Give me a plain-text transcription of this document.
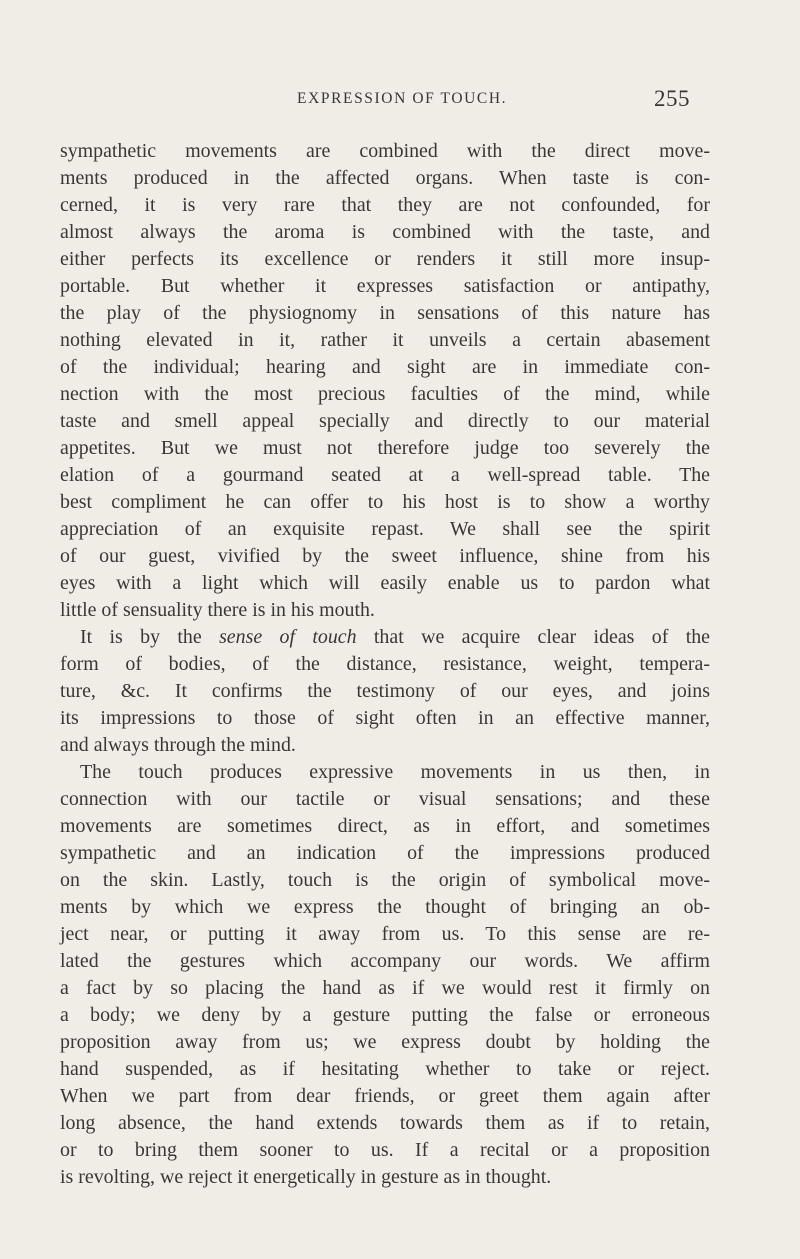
EXPRESSION OF TOUCH.	255
sympathetic movements are combined with the direct move-
ments produced in the affected organs. When taste is con-
cerned, it is very rare that they are not confounded, for
almost always the aroma is combined with the taste, and
either perfects its excellence or renders it still more insup-
portable. But whether it expresses satisfaction or antipathy,
the play of the physiognomy in sensations of this nature has
nothing elevated in it, rather it unveils a certain abasement
of the individual; hearing and sight are in immediate con-
nection with the most precious faculties of the mind, while
taste and smell appeal specially and directly to our material
appetites. But we must not therefore judge too severely the
elation of a gourmand seated at a well-spread table. The
best compliment he can offer to his host is to show a worthy
appreciation of an exquisite repast. We shall see the spirit
of our guest, vivified by the sweet influence, shine from his
eyes with a light which will easily enable us to pardon what
little of sensuality there is in his mouth.
It is by the sense of touch that we acquire clear ideas of the
form of bodies, of the distance, resistance, weight, tempera-
ture, &c. It confirms the testimony of our eyes, and joins
its impressions to those of sight often in an effective manner,
and always through the mind.
The touch produces expressive movements in us then, in
connection with our tactile or visual sensations; and these
movements are sometimes direct, as in effort, and sometimes
sympathetic and an indication of the impressions produced
on the skin. Lastly, touch is the origin of symbolical move-
ments by which we express the thought of bringing an ob-
ject near, or putting it away from us. To this sense are re-
lated the gestures which accompany our words. We affirm
a fact by so placing the hand as if we would rest it firmly on
a body; we deny by a gesture putting the false or erroneous
proposition away from us; we express doubt by holding the
hand suspended, as if hesitating whether to take or reject.
When we part from dear friends, or greet them again after
long absence, the hand extends towards them as if to retain,
or to bring them sooner to us. If a recital or a proposition
is revolting, we reject it energetically in gesture as in thought.
